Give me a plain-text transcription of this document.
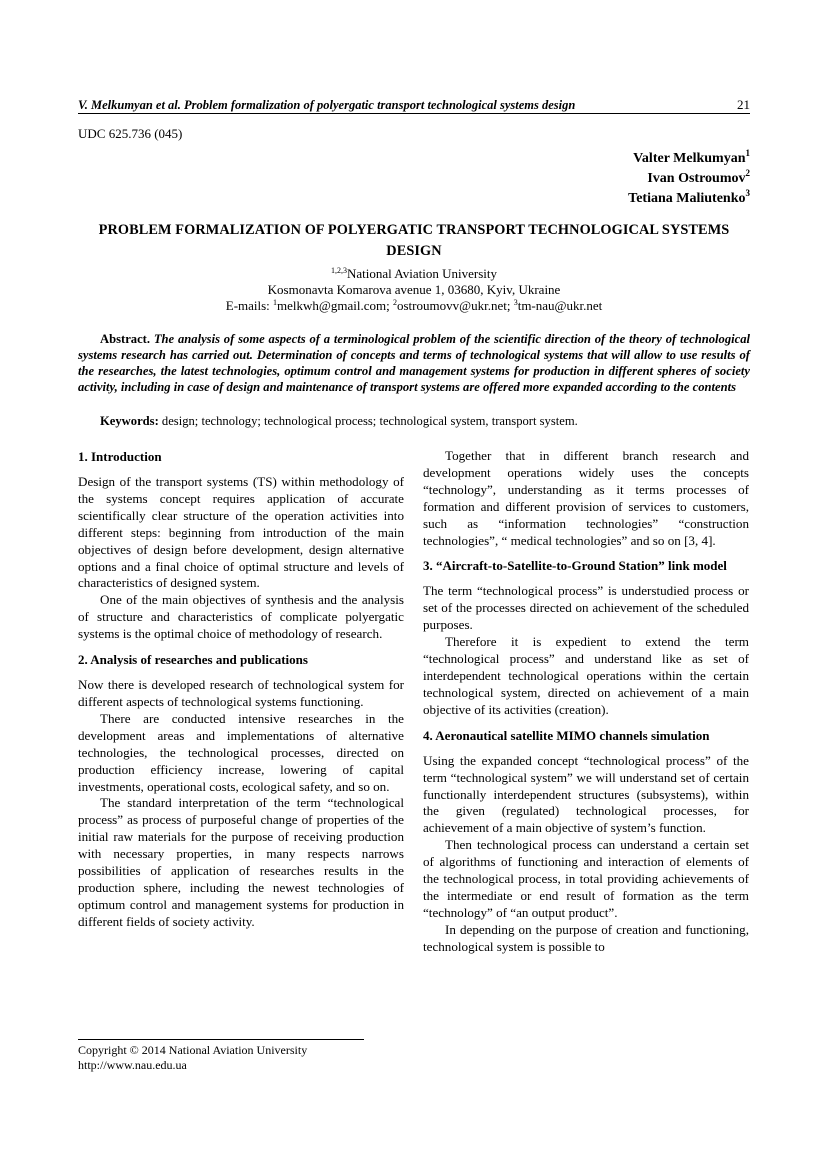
V. Melkumyan et al. Problem formalization of polyergatic transport technological systems design	21
UDC 625.736 (045)
Valter Melkumyan$^1$
Ivan Ostroumov$^2$
Tetiana Maliutenko$^3$
PROBLEM FORMALIZATION OF POLYERGATIC TRANSPORT TECHNOLOGICAL SYSTEMS DESIGN
$^{1,2,3}$National Aviation University
Kosmonavta Komarova avenue 1, 03680, Kyiv, Ukraine
E-mails: $^1$melkwh@gmail.com; $^2$ostroumovv@ukr.net; $^3$tm-nau@ukr.net
Abstract. The analysis of some aspects of a terminological problem of the scientific direction of the theory of technological systems research has carried out. Determination of concepts and terms of technological systems that will allow to use results of the researches, the latest technologies, optimum control and management systems for production in different spheres of society activity, including in case of design and maintenance of transport systems are offered more expanded according to the contents
Keywords: design; technology; technological process; technological system, transport system.
1. Introduction

Design of the transport systems (TS) within methodology of the systems concept requires application of accurate scientifically clear structure of the operation activities into different steps: beginning from introduction of the main objectives of design before development, design alternative options and a final choice of optimal structure and levels of characteristics of designed system.

One of the main objectives of synthesis and the analysis of structure and characteristics of complicate polyergatic systems is the optimal choice of methodology of research.

2. Analysis of researches and publications

Now there is developed research of technological system for different aspects of technological systems functioning.

There are conducted intensive researches in the development areas and implementations of alternative technologies, the technological processes, directed on production efficiency increase, lowering of capital investments, operational costs, ecological safety, and so on.

The standard interpretation of the term “technological process” as process of purposeful change of properties of the initial raw materials for the purpose of receiving production with necessary properties, in many respects narrows possibilities of application of researches results in the production sphere, including the newest technologies of optimum control and management systems for production in different fields of society activity.

Together that in different branch research and development operations widely uses the concepts “technology”, understanding as it terms processes of formation and different provision of services to customers, such as “information technologies” “construction technologies”, “ medical technologies” and so on [3, 4].

3. “Aircraft-to-Satellite-to-Ground Station” link model

The term “technological process” is understudied process or set of the processes directed on achievement of the scheduled purposes.

Therefore it is expedient to extend the term “technological process” and understand like as set of interdependent technological operations within the certain technological system, directed on achievement of a main objective of its activities (creation).

4. Aeronautical satellite MIMO channels simulation

Using the expanded concept “technological process” of the term “technological system” we will understand set of certain functionally interdependent structures (subsystems), within the given (regulated) technological processes, for achievement of a main objective of system’s function.

Then technological process can understand a certain set of algorithms of functioning and interaction of elements of the technological process, in total providing achievements of the intermediate or end result of formation as the term “technology” of “an output product”.

In depending on the purpose of creation and functioning, technological system is possible to

Copyright © 2014 National Aviation University
http://www.nau.edu.ua
